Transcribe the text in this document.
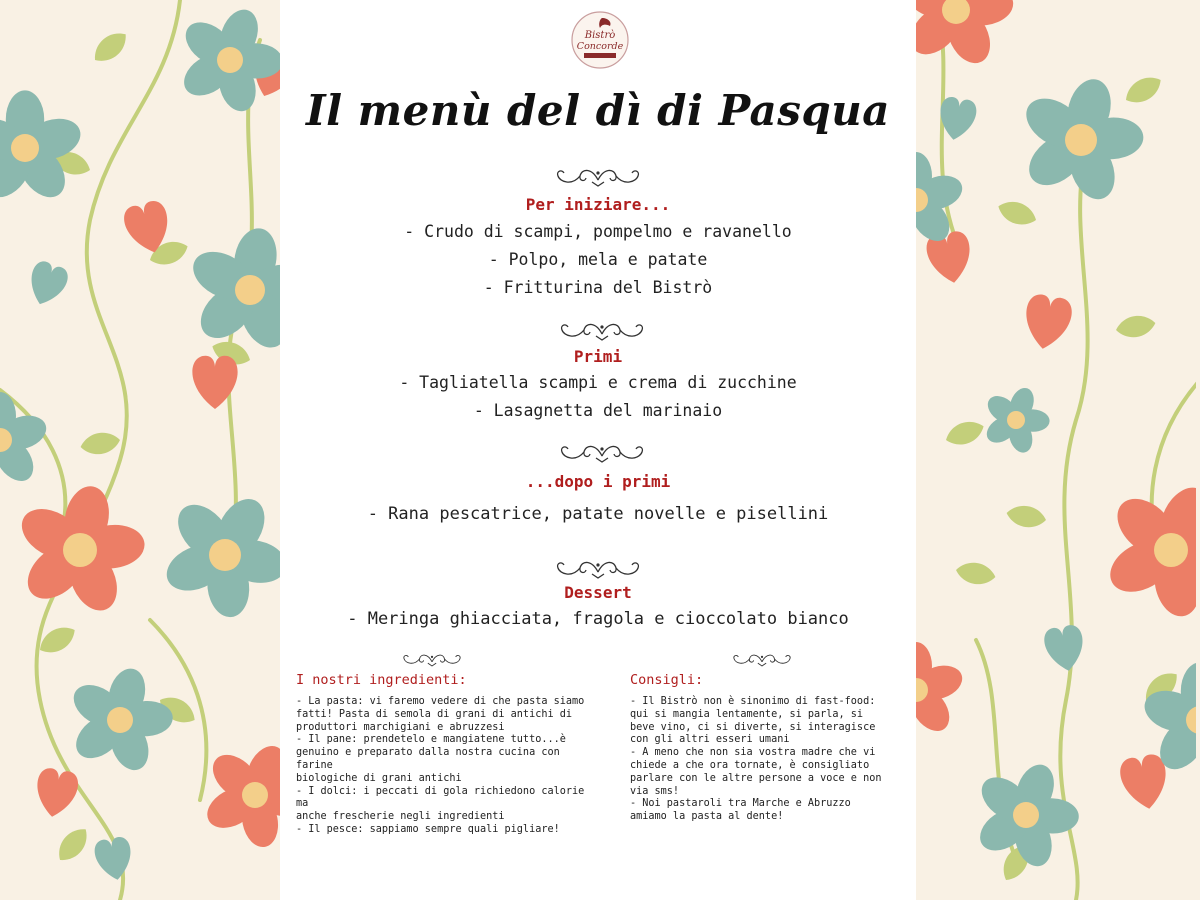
Bistrò
Concorde
Il menù del dì di Pasqua
Per iniziare...
- Crudo di scampi, pompelmo e ravanello
- Polpo, mela e patate
- Fritturina del Bistrò
Primi
- Tagliatella scampi e crema di zucchine
- Lasagnetta del marinaio
...dopo i primi
- Rana pescatrice, patate novelle e pisellini
Dessert
- Meringa ghiacciata, fragola e cioccolato bianco
I nostri ingredienti:
- La pasta: vi faremo vedere di che pasta siamo
fatti! Pasta di semola di grani di antichi di
produttori marchigiani e abruzzesi
- Il pane: prendetelo e mangiatene tutto...è
genuino e preparato dalla nostra cucina con farine
biologiche di grani antichi
- I dolci: i peccati di gola richiedono calorie ma
anche frescherie negli ingredienti
- Il pesce: sappiamo sempre quali pigliare!
Consigli:
- Il Bistrò non è sinonimo di fast-food:
qui si mangia lentamente, si parla, si
beve vino, ci si diverte, si interagisce
con gli altri esseri umani
- A meno che non sia vostra madre che vi
chiede a che ora tornate, è consigliato
parlare con le altre persone a voce e non
via sms!
- Noi pastaroli tra Marche e Abruzzo
amiamo la pasta al dente!
